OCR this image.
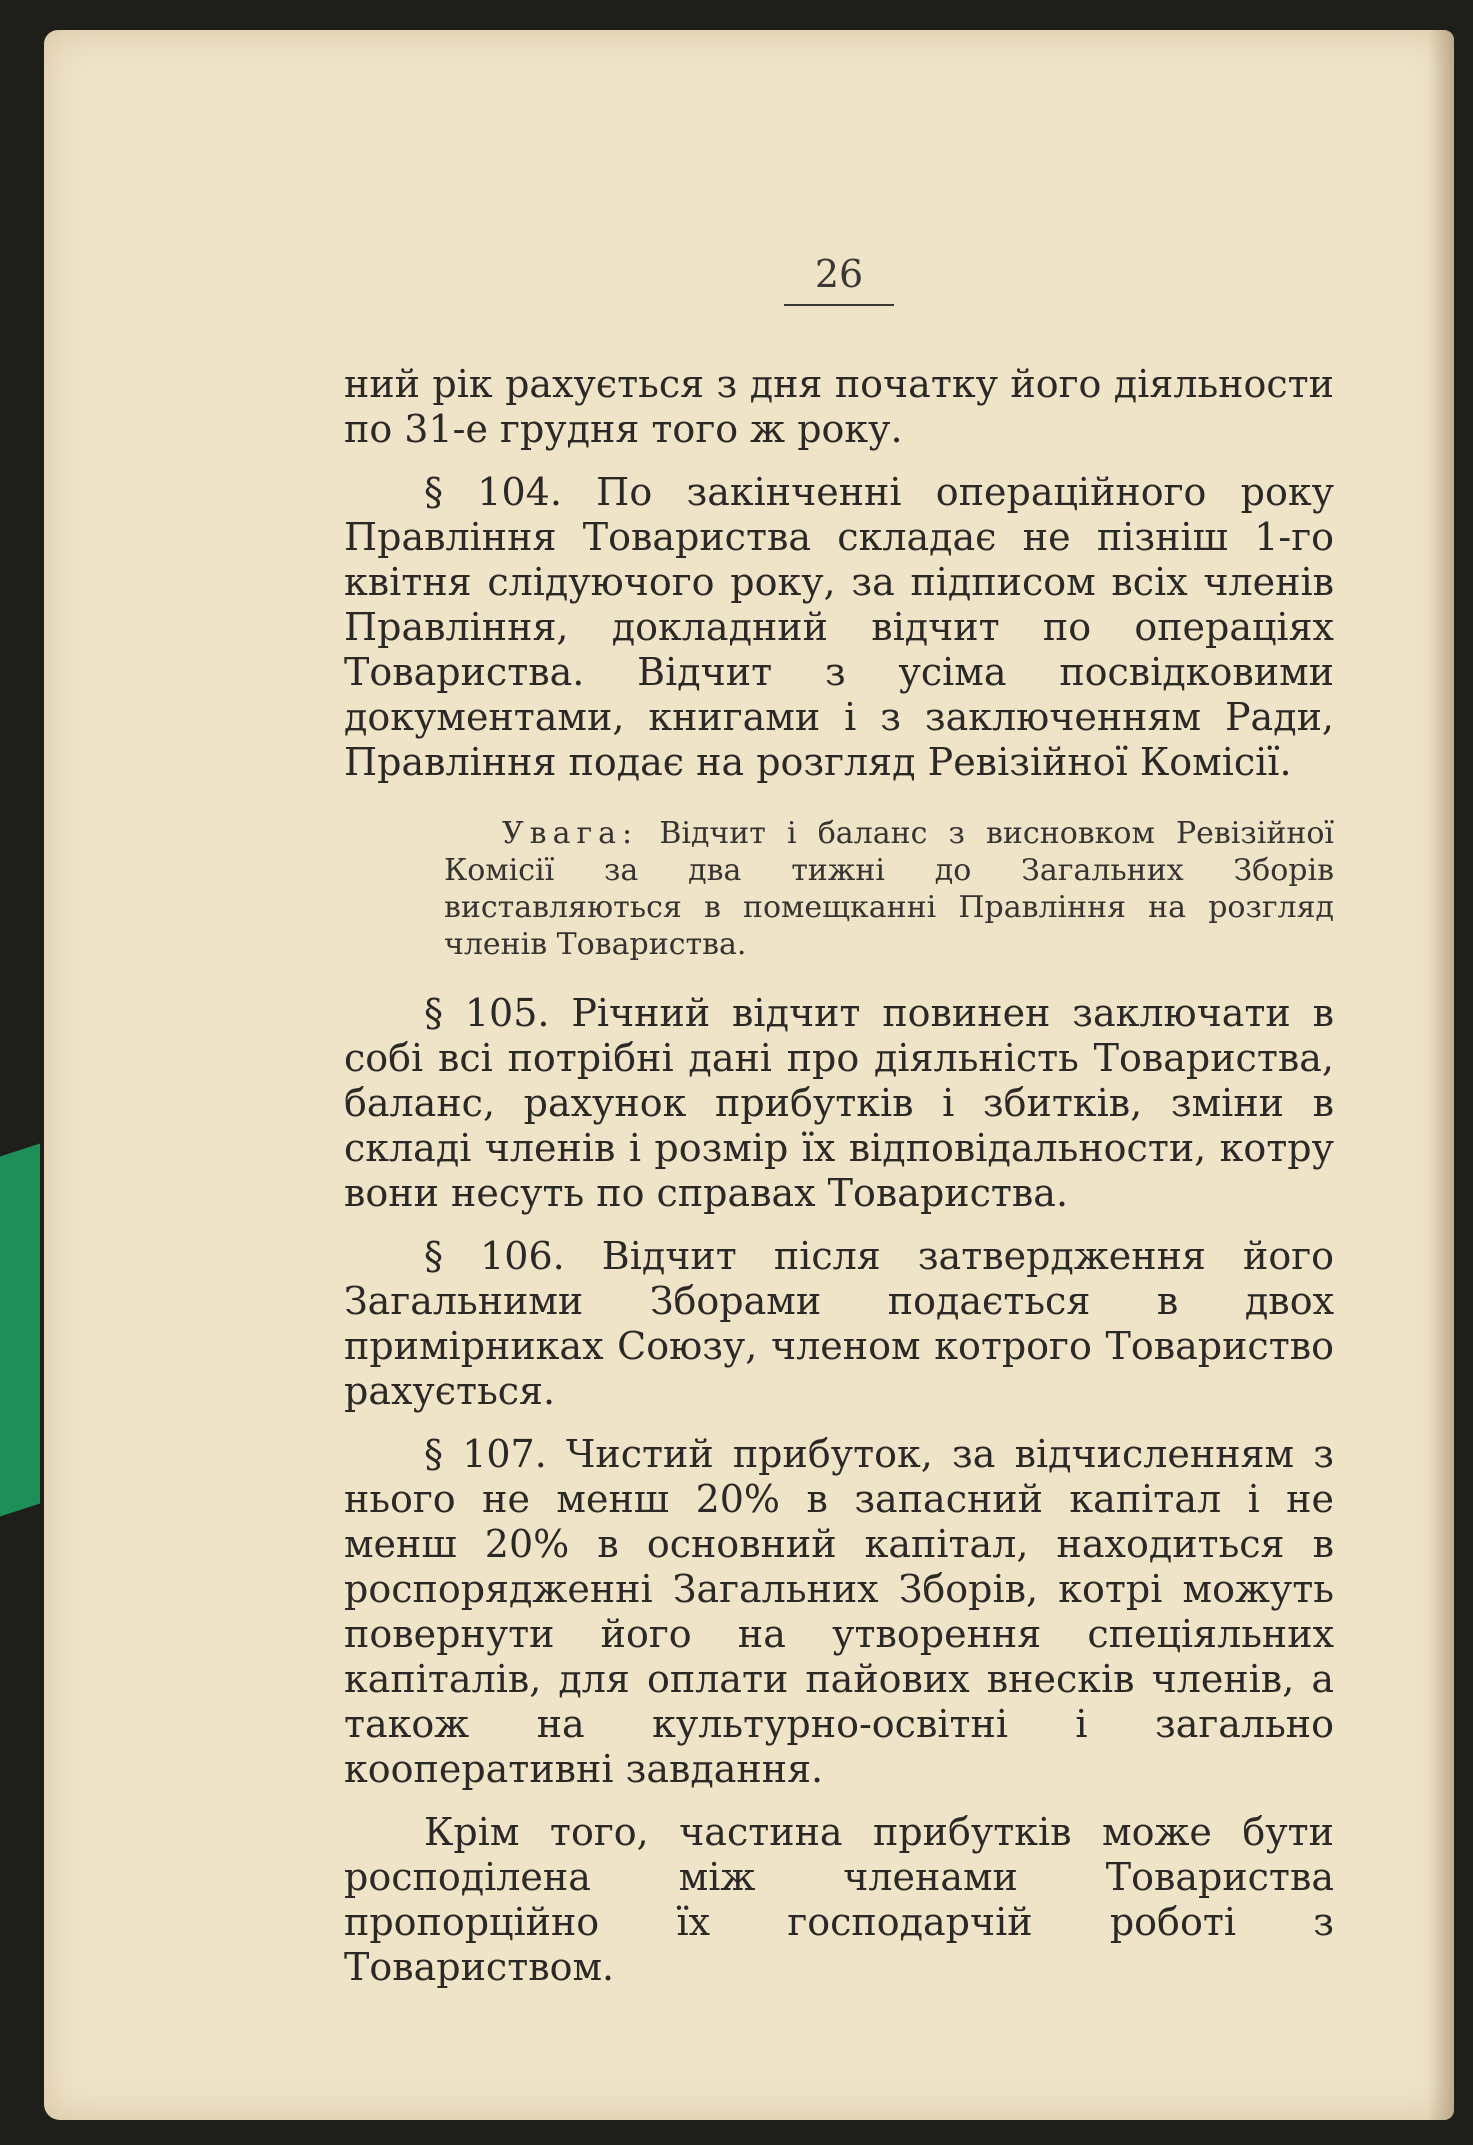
26

ний рік рахується з дня початку його діяльности по 31-е грудня того ж року.

§ 104. По закінченні операційного року Правління Товариства складає не пізніш 1-го квітня слідуючого року, за підписом всіх членів Правління, докладний відчит по операціях Товариства. Відчит з усіма посвідковими документами, книгами і з заключенням Ради, Правління подає на розгляд Ревізійної Комісії.

Увага: Відчит і баланс з висновком Ревізійної Комісії за два тижні до Загальних Зборів виставляються в помещканні Правління на розгляд членів Товариства.

§ 105. Річний відчит повинен заключати в собі всі потрібні дані про діяльність Товариства, баланс, рахунок прибутків і збитків, зміни в складі членів і розмір їх відповідальности, котру вони несуть по справах Товариства.

§ 106. Відчит після затвердження його Загальними Зборами подається в двох примірниках Союзу, членом котрого Товариство рахується.

§ 107. Чистий прибуток, за відчисленням з нього не менш 20% в запасний капітал і не менш 20% в основний капітал, находиться в роспорядженні Загальних Зборів, котрі можуть повернути його на утворення спеціяльних капіталів, для оплати пайових внесків членів, а також на культурно-освітні і загально кооперативні завдання.

Крім того, частина прибутків може бути росподілена між членами Товариства пропорційно їх господарчій роботі з Товариством.
